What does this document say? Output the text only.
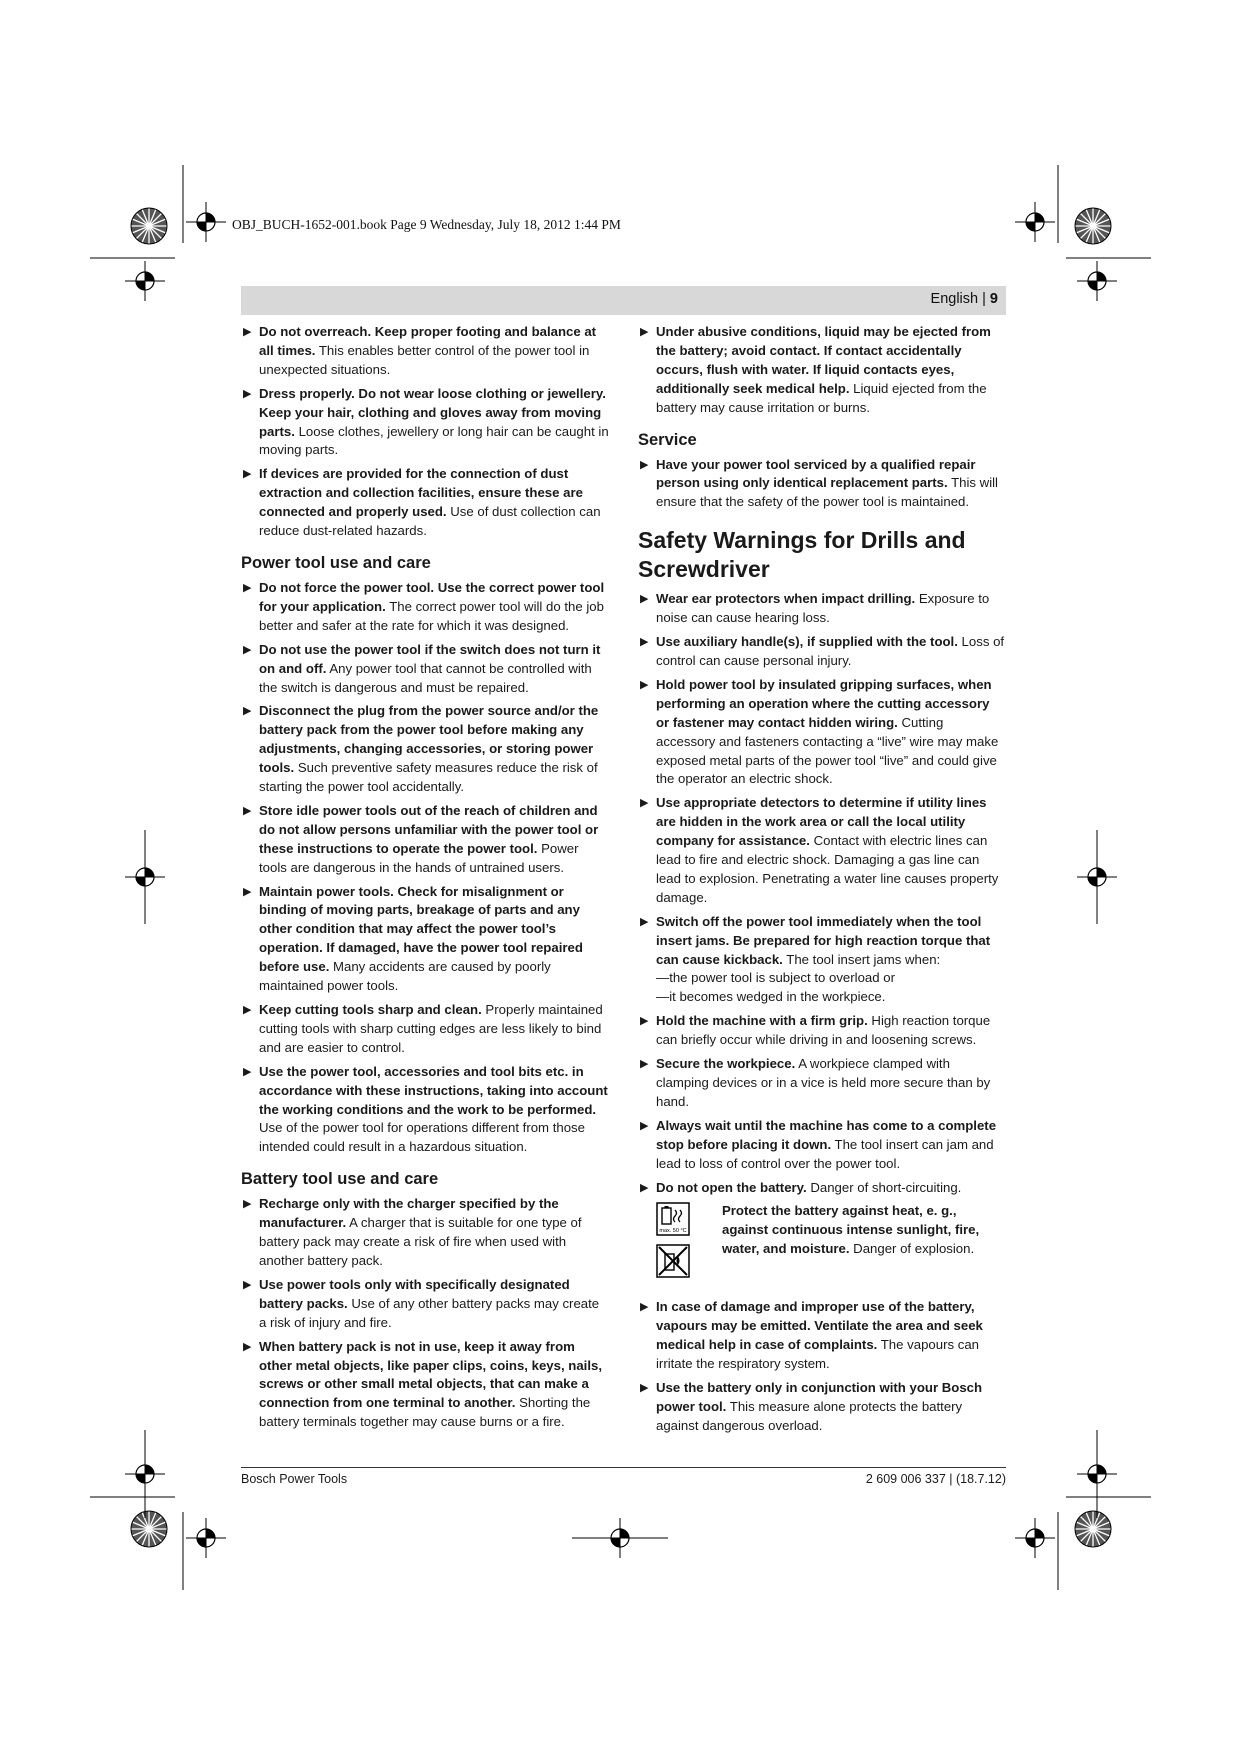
OBJ_BUCH-1652-001.book Page 9 Wednesday, July 18, 2012 1:44 PM
English | 9
▶ Do not overreach. Keep proper footing and balance at all times. This enables better control of the power tool in unexpected situations.
▶ Dress properly. Do not wear loose clothing or jewellery. Keep your hair, clothing and gloves away from moving parts. Loose clothes, jewellery or long hair can be caught in moving parts.
▶ If devices are provided for the connection of dust extraction and collection facilities, ensure these are connected and properly used. Use of dust collection can reduce dust-related hazards.
Power tool use and care
▶ Do not force the power tool. Use the correct power tool for your application. The correct power tool will do the job better and safer at the rate for which it was designed.
▶ Do not use the power tool if the switch does not turn it on and off. Any power tool that cannot be controlled with the switch is dangerous and must be repaired.
▶ Disconnect the plug from the power source and/or the battery pack from the power tool before making any adjustments, changing accessories, or storing power tools. Such preventive safety measures reduce the risk of starting the power tool accidentally.
▶ Store idle power tools out of the reach of children and do not allow persons unfamiliar with the power tool or these instructions to operate the power tool. Power tools are dangerous in the hands of untrained users.
▶ Maintain power tools. Check for misalignment or binding of moving parts, breakage of parts and any other condition that may affect the power tool’s operation. If damaged, have the power tool repaired before use. Many accidents are caused by poorly maintained power tools.
▶ Keep cutting tools sharp and clean. Properly maintained cutting tools with sharp cutting edges are less likely to bind and are easier to control.
▶ Use the power tool, accessories and tool bits etc. in accordance with these instructions, taking into account the working conditions and the work to be performed. Use of the power tool for operations different from those intended could result in a hazardous situation.
Battery tool use and care
▶ Recharge only with the charger specified by the manufacturer. A charger that is suitable for one type of battery pack may create a risk of fire when used with another battery pack.
▶ Use power tools only with specifically designated battery packs. Use of any other battery packs may create a risk of injury and fire.
▶ When battery pack is not in use, keep it away from other metal objects, like paper clips, coins, keys, nails, screws or other small metal objects, that can make a connection from one terminal to another. Shorting the battery terminals together may cause burns or a fire.
▶ Under abusive conditions, liquid may be ejected from the battery; avoid contact. If contact accidentally occurs, flush with water. If liquid contacts eyes, additionally seek medical help. Liquid ejected from the battery may cause irritation or burns.
Service
▶ Have your power tool serviced by a qualified repair person using only identical replacement parts. This will ensure that the safety of the power tool is maintained.
Safety Warnings for Drills and
Screwdriver
▶ Wear ear protectors when impact drilling. Exposure to noise can cause hearing loss.
▶ Use auxiliary handle(s), if supplied with the tool. Loss of control can cause personal injury.
▶ Hold power tool by insulated gripping surfaces, when performing an operation where the cutting accessory or fastener may contact hidden wiring. Cutting accessory and fasteners contacting a “live” wire may make exposed metal parts of the power tool “live” and could give the operator an electric shock.
▶ Use appropriate detectors to determine if utility lines are hidden in the work area or call the local utility company for assistance. Contact with electric lines can lead to fire and electric shock. Damaging a gas line can lead to explosion. Penetrating a water line causes property damage.
▶ Switch off the power tool immediately when the tool insert jams. Be prepared for high reaction torque that can cause kickback. The tool insert jams when:
—the power tool is subject to overload or
—it becomes wedged in the workpiece.
▶ Hold the machine with a firm grip. High reaction torque can briefly occur while driving in and loosening screws.
▶ Secure the workpiece. A workpiece clamped with clamping devices or in a vice is held more secure than by hand.
▶ Always wait until the machine has come to a complete stop before placing it down. The tool insert can jam and lead to loss of control over the power tool.
▶ Do not open the battery. Danger of short-circuiting.
max. 50 °C
Protect the battery against heat, e. g., against continuous intense sunlight, fire, water, and moisture. Danger of explosion.
▶ In case of damage and improper use of the battery, vapours may be emitted. Ventilate the area and seek medical help in case of complaints. The vapours can irritate the respiratory system.
▶ Use the battery only in conjunction with your Bosch power tool. This measure alone protects the battery against dangerous overload.
Bosch Power Tools	2 609 006 337 | (18.7.12)
